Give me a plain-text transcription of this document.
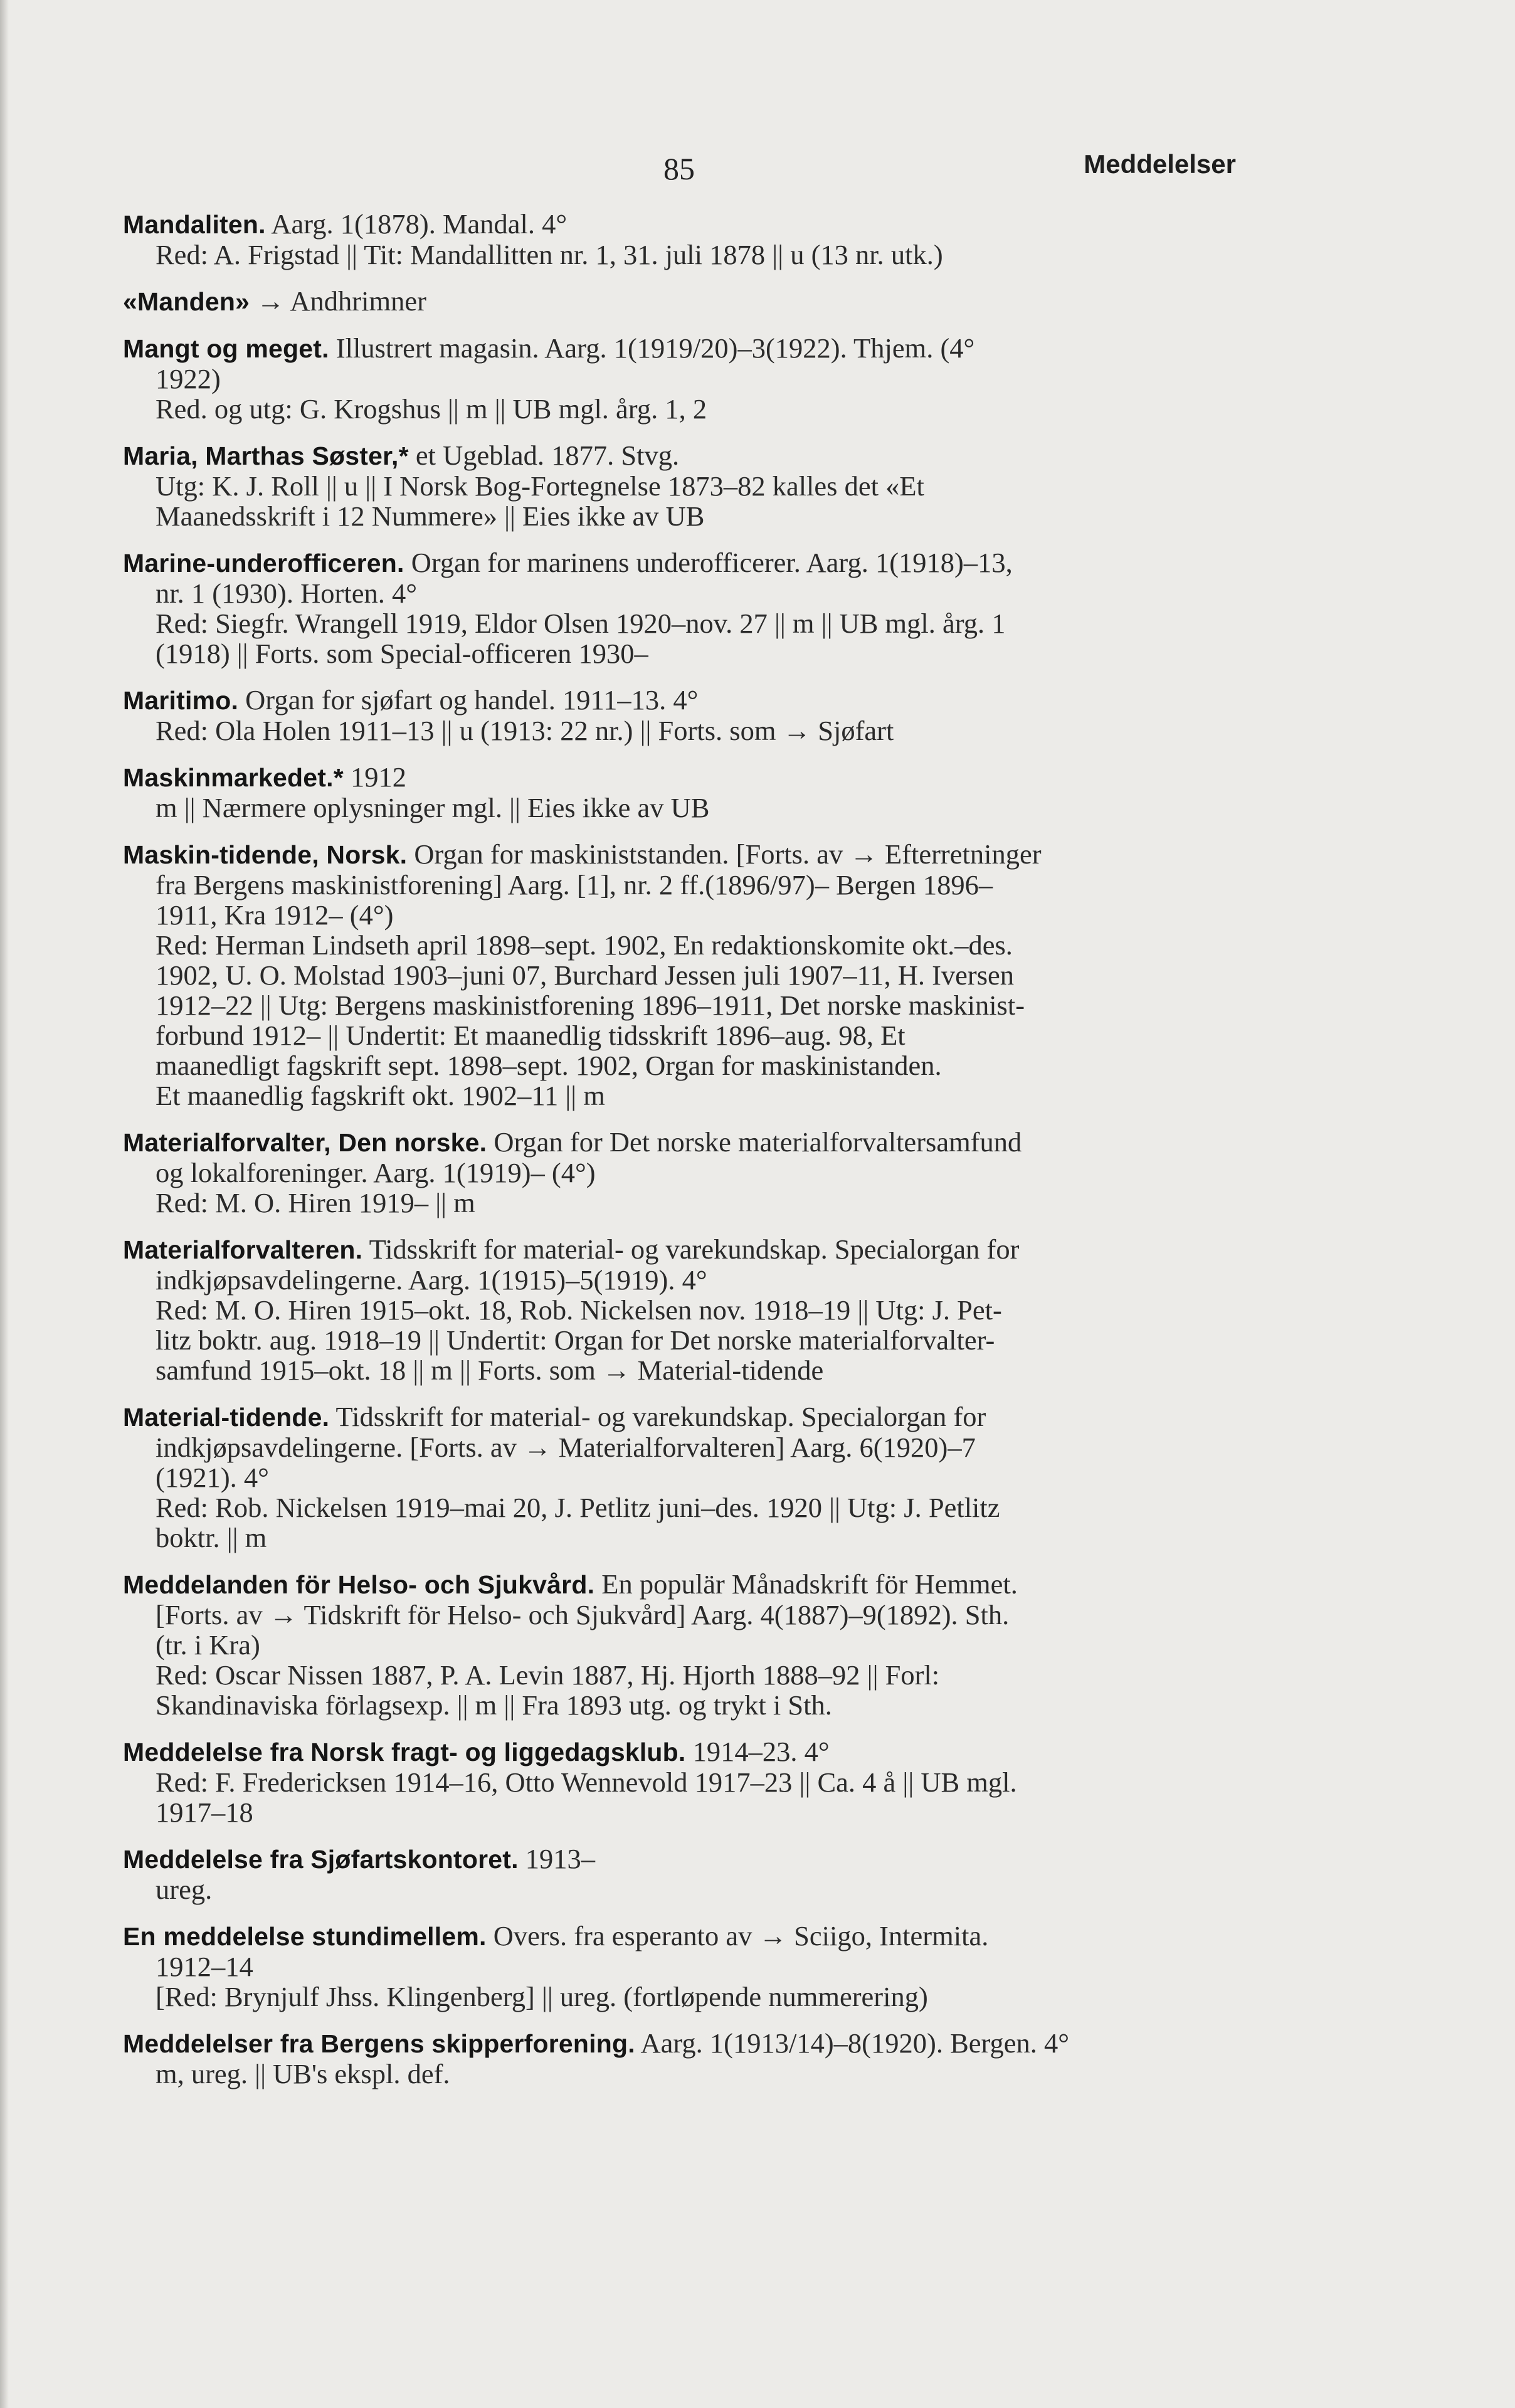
85	Meddelelser
Mandaliten. Aarg. 1(1878). Mandal. 4°
Red: A. Frigstad || Tit: Mandallitten nr. 1, 31. juli 1878 || u (13 nr. utk.)
«Manden» → Andhrimner
Mangt og meget. Illustrert magasin. Aarg. 1(1919/20)–3(1922). Thjem. (4°
1922)
Red. og utg: G. Krogshus || m || UB mgl. årg. 1, 2
Maria, Marthas Søster,* et Ugeblad. 1877. Stvg.
Utg: K. J. Roll || u || I Norsk Bog-Fortegnelse 1873–82 kalles det «Et
Maanedsskrift i 12 Nummere» || Eies ikke av UB
Marine-underofficeren. Organ for marinens underofficerer. Aarg. 1(1918)–13,
nr. 1 (1930). Horten. 4°
Red: Siegfr. Wrangell 1919, Eldor Olsen 1920–nov. 27 || m || UB mgl. årg. 1
(1918) || Forts. som Special-officeren 1930–
Maritimo. Organ for sjøfart og handel. 1911–13. 4°
Red: Ola Holen 1911–13 || u (1913: 22 nr.) || Forts. som → Sjøfart
Maskinmarkedet.* 1912
m || Nærmere oplysninger mgl. || Eies ikke av UB
Maskin-tidende, Norsk. Organ for maskiniststanden. [Forts. av → Efterretninger
fra Bergens maskinistforening] Aarg. [1], nr. 2 ff.(1896/97)– Bergen 1896–
1911, Kra 1912– (4°)
Red: Herman Lindseth april 1898–sept. 1902, En redaktionskomite okt.–des.
1902, U. O. Molstad 1903–juni 07, Burchard Jessen juli 1907–11, H. Iversen
1912–22 || Utg: Bergens maskinistforening 1896–1911, Det norske maskinist-
forbund 1912– || Undertit: Et maanedlig tidsskrift 1896–aug. 98, Et
maanedligt fagskrift sept. 1898–sept. 1902, Organ for maskinistanden.
Et maanedlig fagskrift okt. 1902–11 || m
Materialforvalter, Den norske. Organ for Det norske materialforvaltersamfund
og lokalforeninger. Aarg. 1(1919)– (4°)
Red: M. O. Hiren 1919– || m
Materialforvalteren. Tidsskrift for material- og varekundskap. Specialorgan for
indkjøpsavdelingerne. Aarg. 1(1915)–5(1919). 4°
Red: M. O. Hiren 1915–okt. 18, Rob. Nickelsen nov. 1918–19 || Utg: J. Pet-
litz boktr. aug. 1918–19 || Undertit: Organ for Det norske materialforvalter-
samfund 1915–okt. 18 || m || Forts. som → Material-tidende
Material-tidende. Tidsskrift for material- og varekundskap. Specialorgan for
indkjøpsavdelingerne. [Forts. av → Materialforvalteren] Aarg. 6(1920)–7
(1921). 4°
Red: Rob. Nickelsen 1919–mai 20, J. Petlitz juni–des. 1920 || Utg: J. Petlitz
boktr. || m
Meddelanden för Helso- och Sjukvård. En populär Månadskrift för Hemmet.
[Forts. av → Tidskrift för Helso- och Sjukvård] Aarg. 4(1887)–9(1892). Sth.
(tr. i Kra)
Red: Oscar Nissen 1887, P. A. Levin 1887, Hj. Hjorth 1888–92 || Forl:
Skandinaviska förlagsexp. || m || Fra 1893 utg. og trykt i Sth.
Meddelelse fra Norsk fragt- og liggedagsklub. 1914–23. 4°
Red: F. Fredericksen 1914–16, Otto Wennevold 1917–23 || Ca. 4 å || UB mgl.
1917–18
Meddelelse fra Sjøfartskontoret. 1913–
ureg.
En meddelelse stundimellem. Overs. fra esperanto av → Sciigo, Intermita.
1912–14
[Red: Brynjulf Jhss. Klingenberg] || ureg. (fortløpende nummerering)
Meddelelser fra Bergens skipperforening. Aarg. 1(1913/14)–8(1920). Bergen. 4°
m, ureg. || UB's ekspl. def.
